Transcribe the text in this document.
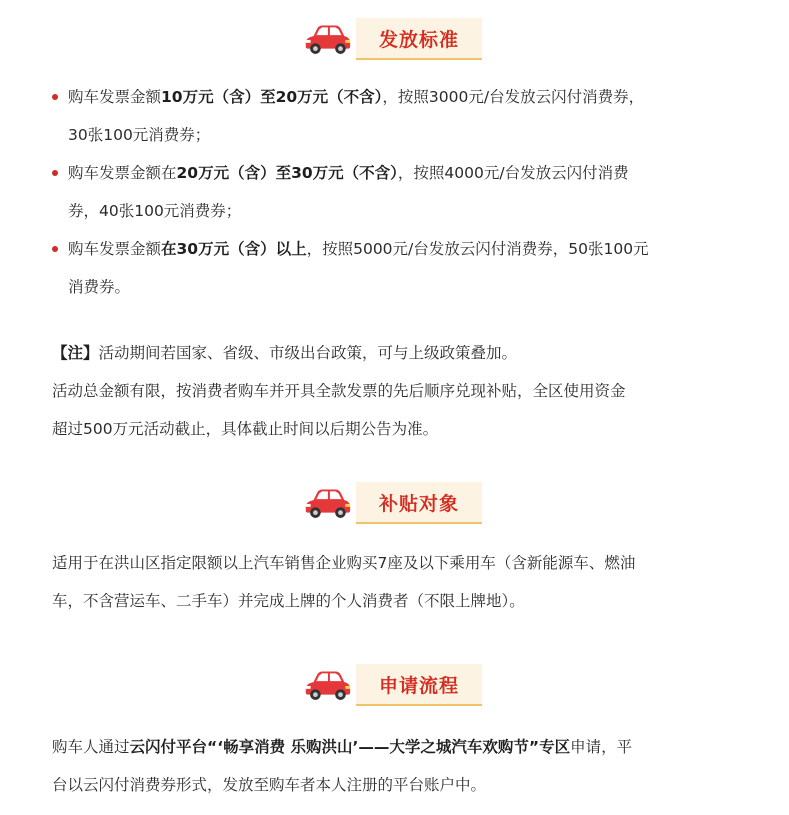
发放标准
购车发票金额10万元（含）至20万元（不含），按照3000元/台发放云闪付消费券，
30张100元消费券；
购车发票金额在20万元（含）至30万元（不含），按照4000元/台发放云闪付消费
券，40张100元消费券；
购车发票金额在30万元（含）以上，按照5000元/台发放云闪付消费券，50张100元
消费券。
【注】活动期间若国家、省级、市级出台政策，可与上级政策叠加。
活动总金额有限，按消费者购车并开具全款发票的先后顺序兑现补贴，全区使用资金
超过500万元活动截止，具体截止时间以后期公告为准。
补贴对象
适用于在洪山区指定限额以上汽车销售企业购买7座及以下乘用车（含新能源车、燃油
车，不含营运车、二手车）并完成上牌的个人消费者（不限上牌地）。
申请流程
购车人通过云闪付平台“‘畅享消费 乐购洪山’——大学之城汽车欢购节”专区申请，平
台以云闪付消费券形式，发放至购车者本人注册的平台账户中。
